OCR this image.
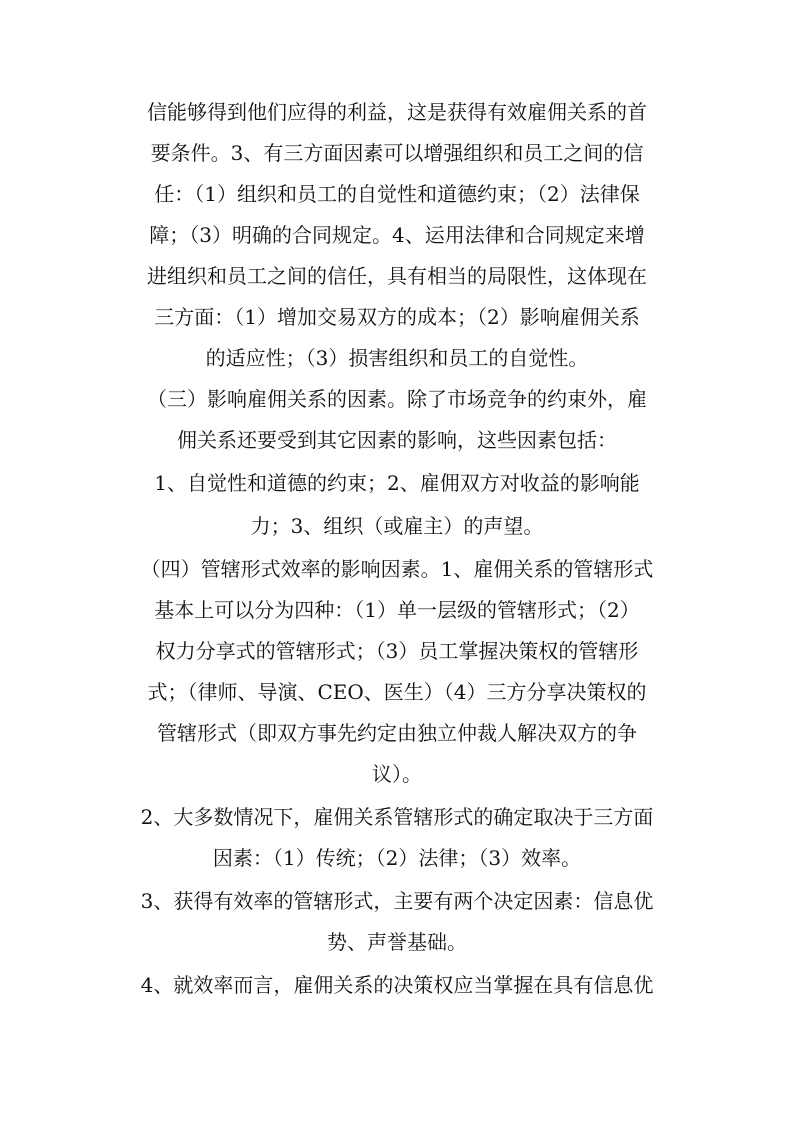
信能够得到他们应得的利益，这是获得有效雇佣关系的首
要条件。3、有三方面因素可以增强组织和员工之间的信
任：（1）组织和员工的自觉性和道德约束；（2）法律保
障；（3）明确的合同规定。4、运用法律和合同规定来增
进组织和员工之间的信任，具有相当的局限性，这体现在
三方面：（1）增加交易双方的成本；（2）影响雇佣关系
的适应性；（3）损害组织和员工的自觉性。
（三）影响雇佣关系的因素。除了市场竞争的约束外，雇
佣关系还要受到其它因素的影响，这些因素包括：
1、自觉性和道德的约束；2、雇佣双方对收益的影响能
力；3、组织（或雇主）的声望。
（四）管辖形式效率的影响因素。1、雇佣关系的管辖形式
基本上可以分为四种：（1）单一层级的管辖形式；（2）
权力分享式的管辖形式；（3）员工掌握决策权的管辖形
式；（律师、导演、CEO、医生）（4）三方分享决策权的
管辖形式（即双方事先约定由独立仲裁人解决双方的争
议）。
2、大多数情况下，雇佣关系管辖形式的确定取决于三方面
因素：（1）传统；（2）法律；（3）效率。
3、获得有效率的管辖形式，主要有两个决定因素：信息优
势、声誉基础。
4、就效率而言，雇佣关系的决策权应当掌握在具有信息优
